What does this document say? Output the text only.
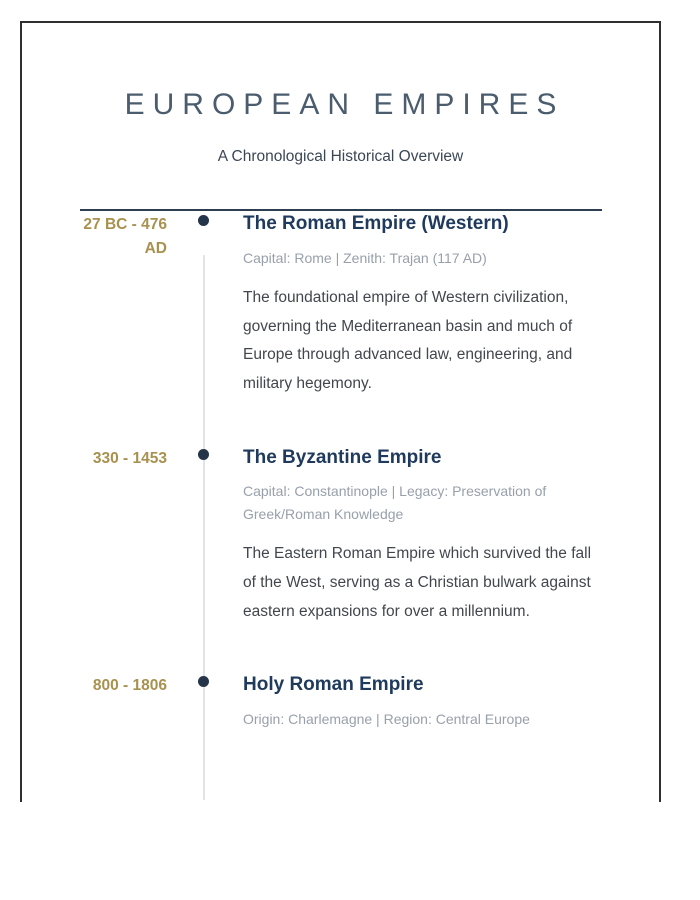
EUROPEAN EMPIRES

A Chronological Historical Overview

27 BC - 476 AD
The Roman Empire (Western)

Capital: Rome | Zenith: Trajan (117 AD)

The foundational empire of Western civilization, governing the Mediterranean basin and much of Europe through advanced law, engineering, and military hegemony.

330 - 1453	The Byzantine Empire

Capital: Constantinople | Legacy: Preservation of Greek/Roman Knowledge

The Eastern Roman Empire which survived the fall of the West, serving as a Christian bulwark against eastern expansions for over a millennium.

800 - 1806	Holy Roman Empire

Origin: Charlemagne | Region: Central Europe
